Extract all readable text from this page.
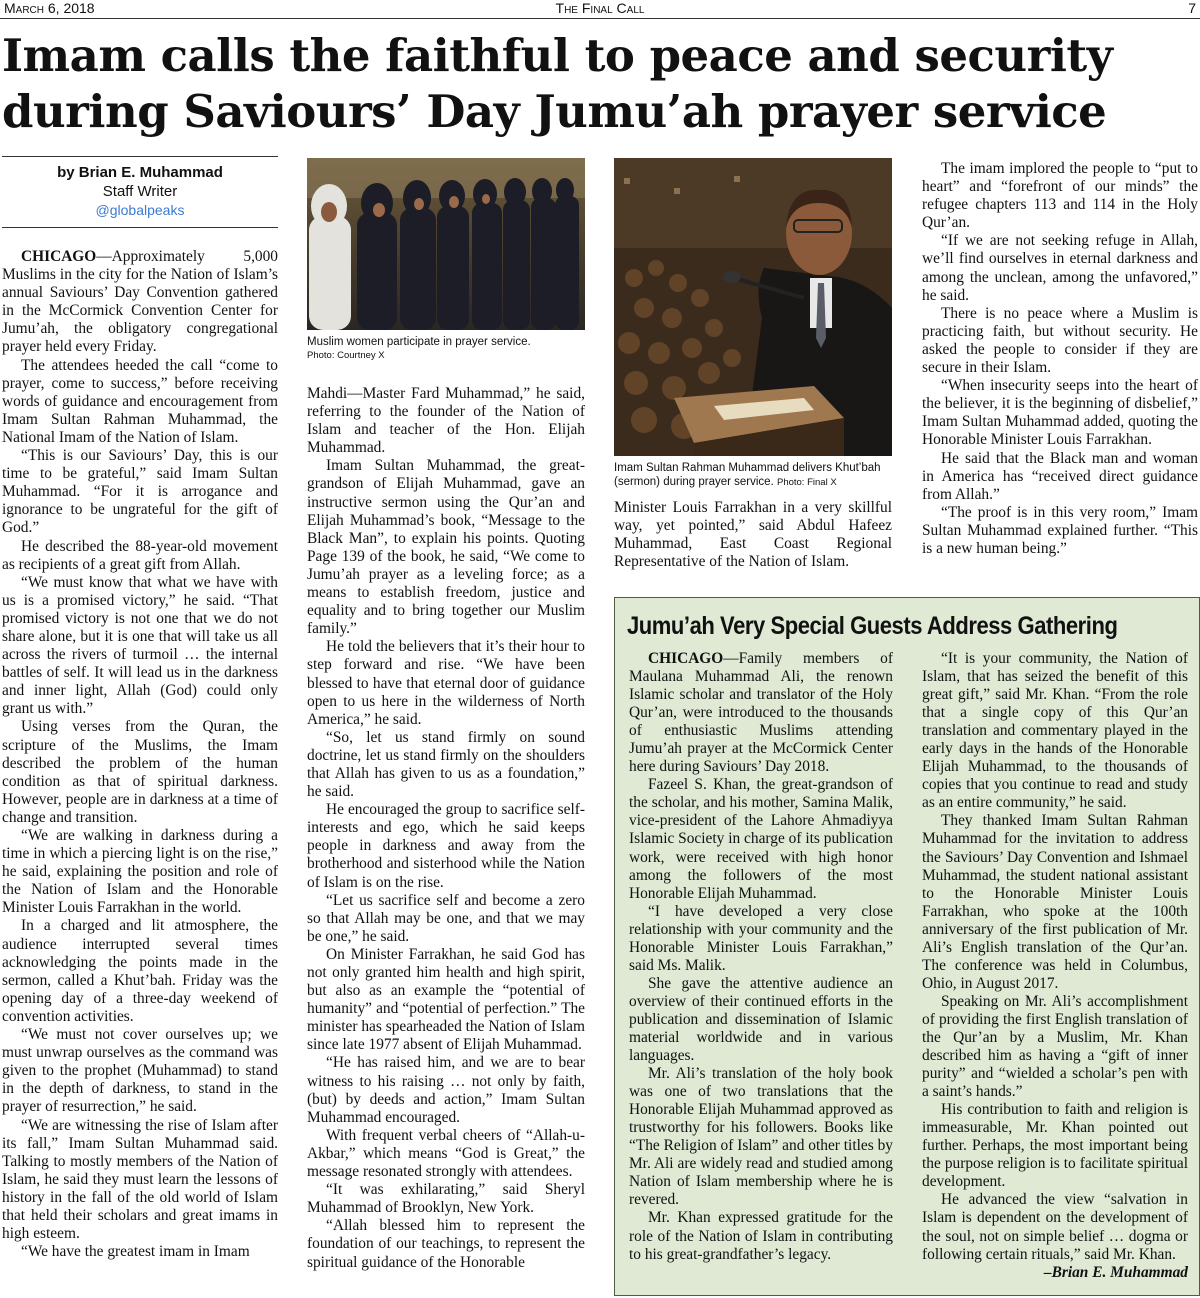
March 6, 2018	The Final Call	7
Imam calls the faithful to peace and security
during Saviours’ Day Jumu’ah prayer service
by Brian E. Muhammad
Staff Writer
@globalpeaks

CHICAGO—Approximately 5,000 Muslims in the city for the Nation of Islam’s annual Saviours’ Day Convention gathered in the McCormick Convention Center for Jumu’ah, the obligatory congregational prayer held every Friday.

The attendees heeded the call “come to prayer, come to success,” before receiving words of guidance and encouragement from Imam Sultan Rahman Muhammad, the National Imam of the Nation of Islam.

“This is our Saviours’ Day, this is our time to be grateful,” said Imam Sultan Muhammad. “For it is arrogance and ignorance to be ungrateful for the gift of God.”

He described the 88-year-old movement as recipients of a great gift from Allah.

“We must know that what we have with us is a promised victory,” he said. “That promised victory is not one that we do not share alone, but it is one that will take us all across the rivers of turmoil … the internal battles of self. It will lead us in the darkness and inner light, Allah (God) could only grant us with.”

Using verses from the Quran, the scripture of the Muslims, the Imam described the problem of the human condition as that of spiritual darkness. However, people are in darkness at a time of change and transition.

“We are walking in darkness during a time in which a piercing light is on the rise,” he said, explaining the position and role of the Nation of Islam and the Honorable Minister Louis Farrakhan in the world.

In a charged and lit atmosphere, the audience interrupted several times acknowledging the points made in the sermon, called a Khut’bah. Friday was the opening day of a three-day weekend of convention activities.

“We must not cover ourselves up; we must unwrap ourselves as the command was given to the prophet (Muhammad) to stand in the depth of darkness, to stand in the prayer of resurrection,” he said.

“We are witnessing the rise of Islam after its fall,” Imam Sultan Muhammad said. Talking to mostly members of the Nation of Islam, he said they must learn the lessons of history in the fall of the old world of Islam that held their scholars and great imams in high esteem.

“We have the greatest imam in Imam

Muslim women participate in prayer service.
Photo: Courtney X

Mahdi—Master Fard Muhammad,” he said, referring to the founder of the Nation of Islam and teacher of the Hon. Elijah Muhammad.

Imam Sultan Muhammad, the great-grandson of Elijah Muhammad, gave an instructive sermon using the Qur’an and Elijah Muhammad’s book, “Message to the Black Man”, to explain his points. Quoting Page 139 of the book, he said, “We come to Jumu’ah prayer as a leveling force; as a means to establish freedom, justice and equality and to bring together our Muslim family.”

He told the believers that it’s their hour to step forward and rise. “We have been blessed to have that eternal door of guidance open to us here in the wilderness of North America,” he said.

“So, let us stand firmly on sound doctrine, let us stand firmly on the shoulders that Allah has given to us as a foundation,” he said.

He encouraged the group to sacrifice self-interests and ego, which he said keeps people in darkness and away from the brotherhood and sisterhood while the Nation of Islam is on the rise.

“Let us sacrifice self and become a zero so that Allah may be one, and that we may be one,” he said.

On Minister Farrakhan, he said God has not only granted him health and high spirit, but also as an example the “potential of humanity” and “potential of perfection.” The minister has spearheaded the Nation of Islam since late 1977 absent of Elijah Muhammad.

“He has raised him, and we are to bear witness to his raising … not only by faith, (but) by deeds and action,” Imam Sultan Muhammad encouraged.

With frequent verbal cheers of “Allah-u-Akbar,” which means “God is Great,” the message resonated strongly with attendees.

“It was exhilarating,” said Sheryl Muhammad of Brooklyn, New York.

“Allah blessed him to represent the foundation of our teachings, to represent the spiritual guidance of the Honorable

Imam Sultan Rahman Muhammad delivers Khut’bah (sermon) during prayer service. Photo: Final X

Minister Louis Farrakhan in a very skillful way, yet pointed,” said Abdul Hafeez Muhammad, East Coast Regional Representative of the Nation of Islam.

The imam implored the people to “put to heart” and “forefront of our minds” the refugee chapters 113 and 114 in the Holy Qur’an.

“If we are not seeking refuge in Allah, we’ll find ourselves in eternal darkness and among the unclean, among the unfavored,” he said.

There is no peace where a Muslim is practicing faith, but without security. He asked the people to consider if they are secure in their Islam.

“When insecurity seeps into the heart of the believer, it is the beginning of disbelief,” Imam Sultan Muhammad added, quoting the Honorable Minister Louis Farrakhan.

He said that the Black man and woman in America has “received direct guidance from Allah.”

“The proof is in this very room,” Imam Sultan Muhammad explained further. “This is a new human being.”

Jumu’ah Very Special Guests Address Gathering

CHICAGO—Family members of Maulana Muhammad Ali, the renown Islamic scholar and translator of the Holy Qur’an, were introduced to the thousands of enthusiastic Muslims attending Jumu’ah prayer at the McCormick Center here during Saviours’ Day 2018.

Fazeel S. Khan, the great-grandson of the scholar, and his mother, Samina Malik, vice-president of the Lahore Ahmadiyya Islamic Society in charge of its publication work, were received with high honor among the followers of the most Honorable Elijah Muhammad.

“I have developed a very close relationship with your community and the Honorable Minister Louis Farrakhan,” said Ms. Malik.

She gave the attentive audience an overview of their continued efforts in the publication and dissemination of Islamic material worldwide and in various languages.

Mr. Ali’s translation of the holy book was one of two translations that the Honorable Elijah Muhammad approved as trustworthy for his followers. Books like “The Religion of Islam” and other titles by Mr. Ali are widely read and studied among Nation of Islam membership where he is revered.

Mr. Khan expressed gratitude for the role of the Nation of Islam in contributing to his great-grandfather’s legacy.

“It is your community, the Nation of Islam, that has seized the benefit of this great gift,” said Mr. Khan. “From the role that a single copy of this Qur’an translation and commentary played in the early days in the hands of the Honorable Elijah Muhammad, to the thousands of copies that you continue to read and study as an entire community,” he said.

They thanked Imam Sultan Rahman Muhammad for the invitation to address the Saviours’ Day Convention and Ishmael Muhammad, the student national assistant to the Honorable Minister Louis Farrakhan, who spoke at the 100th anniversary of the first publication of Mr. Ali’s English translation of the Qur’an. The conference was held in Columbus, Ohio, in August 2017.

Speaking on Mr. Ali’s accomplishment of providing the first English translation of the Qur’an by a Muslim, Mr. Khan described him as having a “gift of inner purity” and “wielded a scholar’s pen with a saint’s hands.”

His contribution to faith and religion is immeasurable, Mr. Khan pointed out further. Perhaps, the most important being the purpose religion is to facilitate spiritual development.

He advanced the view “salvation in Islam is dependent on the development of the soul, not on simple belief … dogma or following certain rituals,” said Mr. Khan.

–Brian E. Muhammad
